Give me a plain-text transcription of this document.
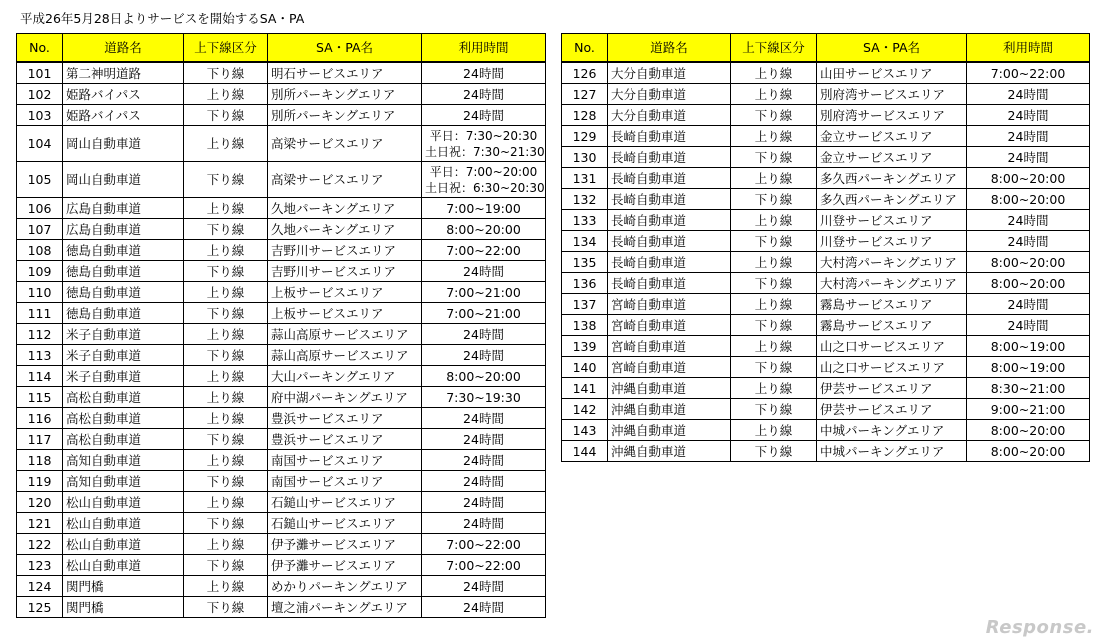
平成26年5月28日よりサービスを開始するSA・PA
No.	道路名	上下線区分	SA・PA名	利用時間
101	第二神明道路	下り線	明石サービスエリア	24時間
102	姫路バイパス	上り線	別所パーキングエリア	24時間
103	姫路バイパス	下り線	別所パーキングエリア	24時間
104	岡山自動車道	上り線	高梁サービスエリア	平日：7:30~20:30
土日祝：7:30~21:30

105	岡山自動車道	下り線	高梁サービスエリア	平日：7:00~20:00
土日祝：6:30~20:30

106	広島自動車道	上り線	久地パーキングエリア	7:00~19:00
107	広島自動車道	下り線	久地パーキングエリア	8:00~20:00
108	徳島自動車道	上り線	吉野川サービスエリア	7:00~22:00
109	徳島自動車道	下り線	吉野川サービスエリア	24時間
110	徳島自動車道	上り線	上板サービスエリア	7:00~21:00
111	徳島自動車道	下り線	上板サービスエリア	7:00~21:00
112	米子自動車道	上り線	蒜山高原サービスエリア	24時間
113	米子自動車道	下り線	蒜山高原サービスエリア	24時間
114	米子自動車道	上り線	大山パーキングエリア	8:00~20:00
115	高松自動車道	上り線	府中湖パーキングエリア	7:30~19:30
116	高松自動車道	上り線	豊浜サービスエリア	24時間
117	高松自動車道	下り線	豊浜サービスエリア	24時間
118	高知自動車道	上り線	南国サービスエリア	24時間
119	高知自動車道	下り線	南国サービスエリア	24時間
120	松山自動車道	上り線	石鎚山サービスエリア	24時間
121	松山自動車道	下り線	石鎚山サービスエリア	24時間
122	松山自動車道	上り線	伊予灘サービスエリア	7:00~22:00
123	松山自動車道	下り線	伊予灘サービスエリア	7:00~22:00
124	関門橋	上り線	めかりパーキングエリア	24時間
125	関門橋	下り線	壇之浦パーキングエリア	24時間
No.	道路名	上下線区分	SA・PA名	利用時間
126	大分自動車道	上り線	山田サービスエリア	7:00~22:00
127	大分自動車道	上り線	別府湾サービスエリア	24時間
128	大分自動車道	下り線	別府湾サービスエリア	24時間
129	長崎自動車道	上り線	金立サービスエリア	24時間
130	長崎自動車道	下り線	金立サービスエリア	24時間
131	長崎自動車道	上り線	多久西パーキングエリア	8:00~20:00
132	長崎自動車道	下り線	多久西パーキングエリア	8:00~20:00
133	長崎自動車道	上り線	川登サービスエリア	24時間
134	長崎自動車道	下り線	川登サービスエリア	24時間
135	長崎自動車道	上り線	大村湾パーキングエリア	8:00~20:00
136	長崎自動車道	下り線	大村湾パーキングエリア	8:00~20:00
137	宮崎自動車道	上り線	霧島サービスエリア	24時間
138	宮崎自動車道	下り線	霧島サービスエリア	24時間
139	宮崎自動車道	上り線	山之口サービスエリア	8:00~19:00
140	宮崎自動車道	下り線	山之口サービスエリア	8:00~19:00
141	沖縄自動車道	上り線	伊芸サービスエリア	8:30~21:00
142	沖縄自動車道	下り線	伊芸サービスエリア	9:00~21:00
143	沖縄自動車道	上り線	中城パーキングエリア	8:00~20:00
144	沖縄自動車道	下り線	中城パーキングエリア	8:00~20:00
Response.
